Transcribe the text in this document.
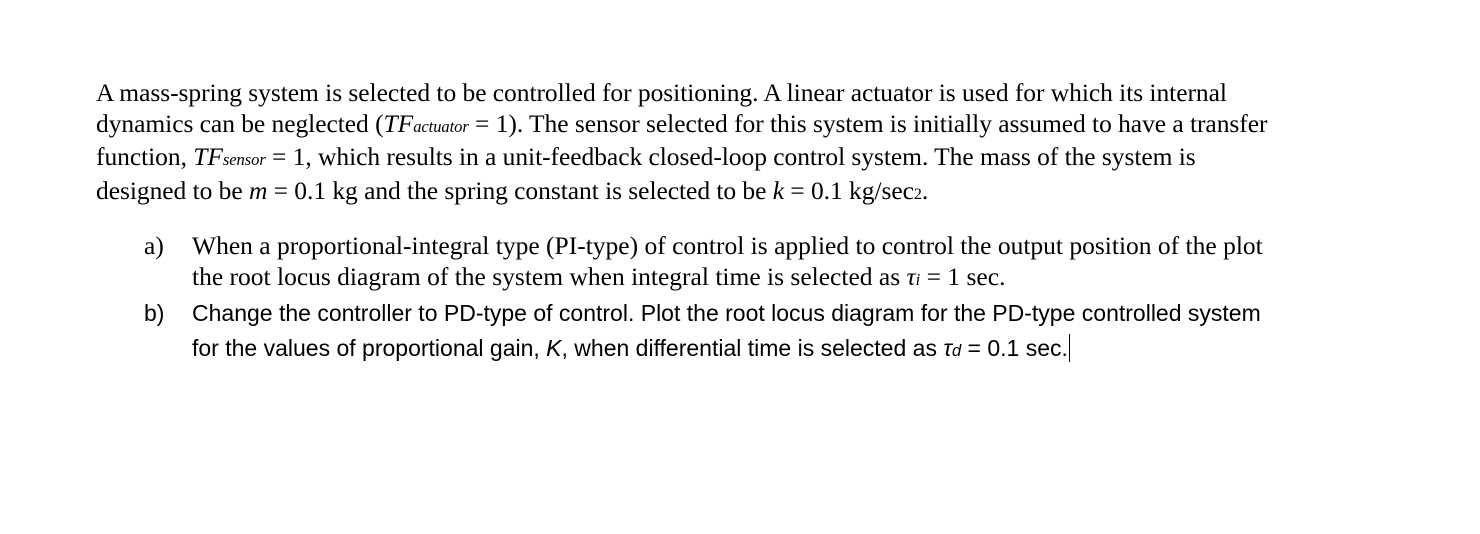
A mass-spring system is selected to be controlled for positioning. A linear actuator is used for which its internal
dynamics can be neglected (TFactuator = 1). The sensor selected for this system is initially assumed to have a transfer
function, TFsensor = 1, which results in a unit-feedback closed-loop control system. The mass of the system is
designed to be m = 0.1 kg and the spring constant is selected to be k = 0.1 kg/sec2.
a) When a proportional-integral type (PI-type) of control is applied to control the output position of the plot
the root locus diagram of the system when integral time is selected as τi = 1 sec.
b) Change the controller to PD-type of control. Plot the root locus diagram for the PD-type controlled system
for the values of proportional gain, K, when differential time is selected as τd = 0.1 sec.
